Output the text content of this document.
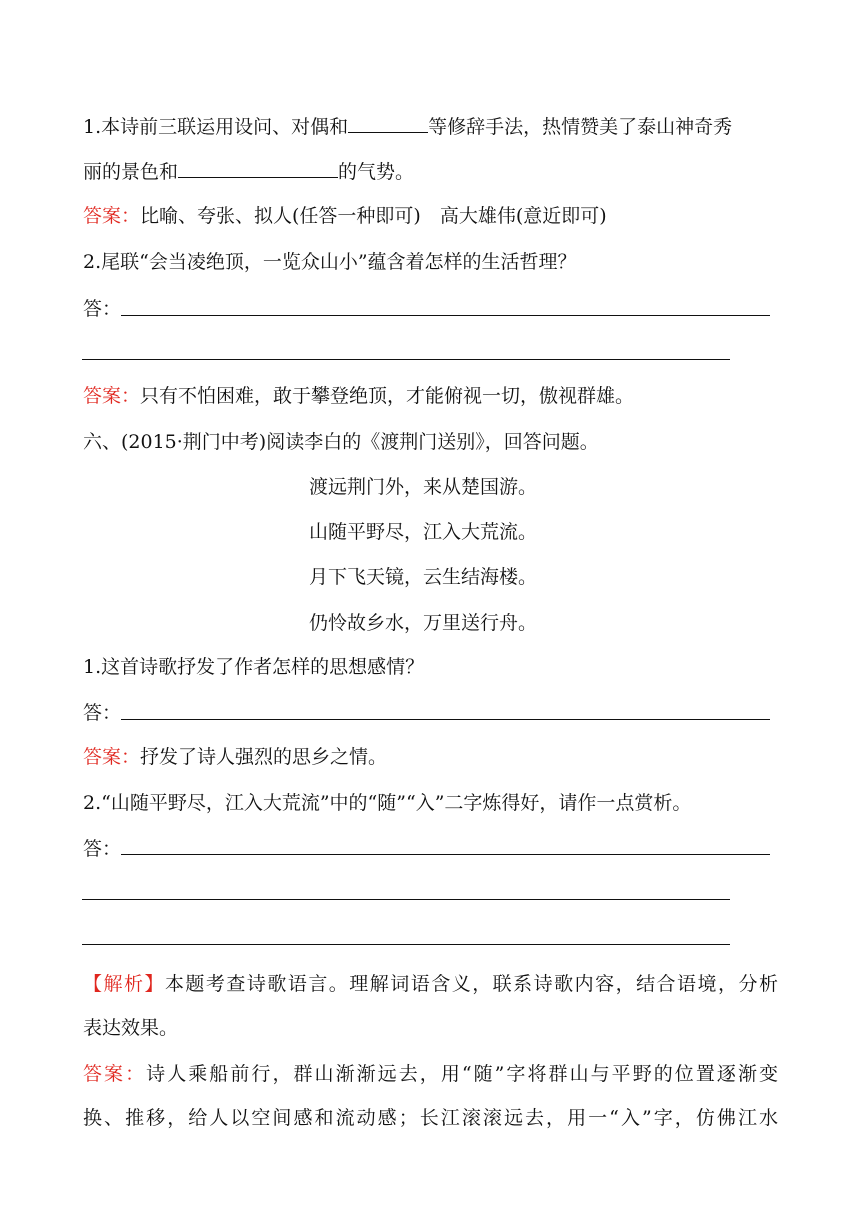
1.本诗前三联运用设问、对偶和	等修辞手法，热情赞美了泰山神奇秀
丽的景色和	的气势。
答案：比喻、夸张、拟人(任答一种即可)　高大雄伟(意近即可)
2.尾联“会当凌绝顶，一览众山小”蕴含着怎样的生活哲理？
答：
答案：只有不怕困难，敢于攀登绝顶，才能俯视一切，傲视群雄。
六、(2015·荆门中考)阅读李白的《渡荆门送别》，回答问题。
渡远荆门外，来从楚国游。
山随平野尽，江入大荒流。
月下飞天镜，云生结海楼。
仍怜故乡水，万里送行舟。
1.这首诗歌抒发了作者怎样的思想感情？
答：
答案：抒发了诗人强烈的思乡之情。
2.“山随平野尽，江入大荒流”中的“随”“入”二字炼得好，请作一点赏析。
答：
【解析】本题考查诗歌语言。理解词语含义，联系诗歌内容，结合语境，分析
表达效果。
答案：诗人乘船前行，群山渐渐远去，用“随”字将群山与平野的位置逐渐变
换、推移，给人以空间感和流动感；长江滚滚远去，用一“入”字，仿佛江水
